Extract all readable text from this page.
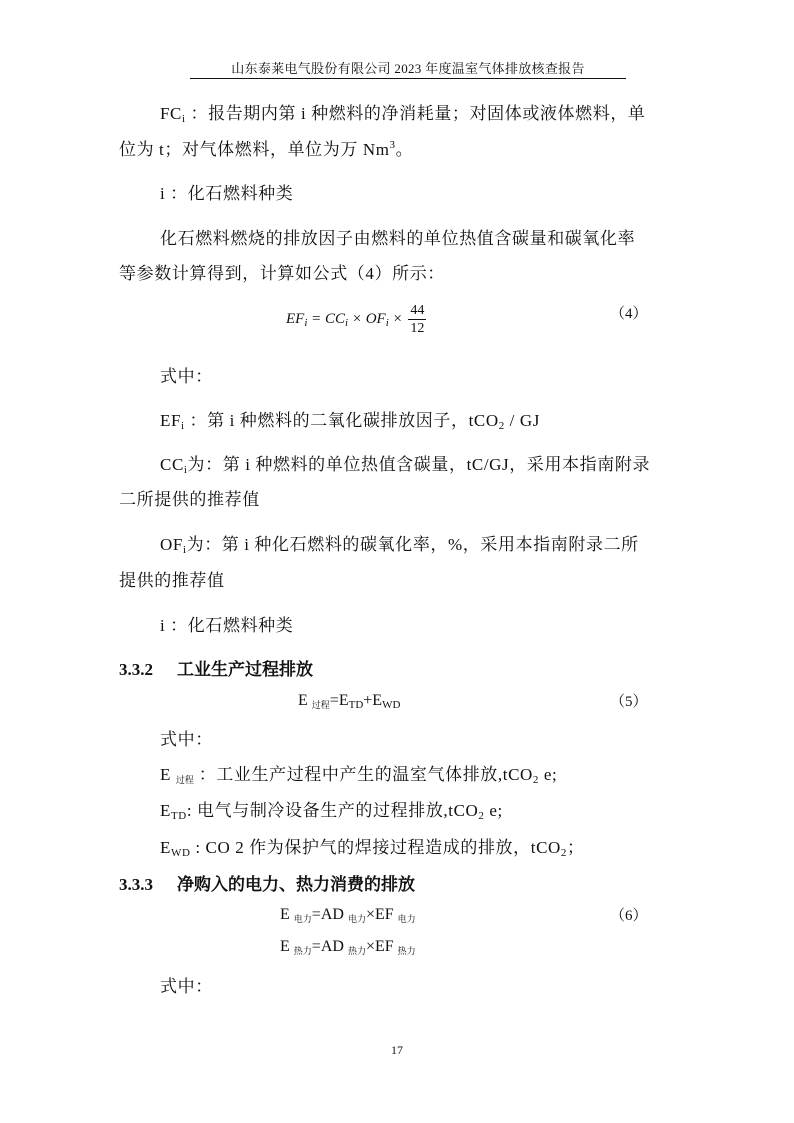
山东泰莱电气股份有限公司 2023 年度温室气体排放核查报告
$FC_i$ ：报告期内第 i 种燃料的净消耗量；对固体或液体燃料，单
位为 t；对气体燃料，单位为万 Nm$^3$。
i ：化石燃料种类
化石燃料燃烧的排放因子由燃料的单位热值含碳量和碳氧化率
等参数计算得到，计算如公式（4）所示：
$EF_i = CC_i \times OF_i \times \frac{44}{12}$	（4）
式中：
$EF_i$ ：第 i 种燃料的二氧化碳排放因子，tCO$_2$ / GJ
$CC_i$为：第 i 种燃料的单位热值含碳量，tC/GJ，采用本指南附录
二所提供的推荐值
$OF_i$为：第 i 种化石燃料的碳氧化率，%，采用本指南附录二所
提供的推荐值
i ：化石燃料种类
3.3.2 工业生产过程排放
E 过程$=E_{TD}+E_{WD}$	（5）
式中：
E 过程 ：工业生产过程中产生的温室气体排放,tCO$_2$ e;
$E_{TD}$: 电气与制冷设备生产的过程排放,tCO$_2$ e;
$E_{WD}$ : CO 2 作为保护气的焊接过程造成的排放，tCO$_2$；
3.3.3 净购入的电力、热力消费的排放
E 电力=AD 电力×EF 电力	（6）
E 热力=AD 热力×EF 热力
式中：
17
